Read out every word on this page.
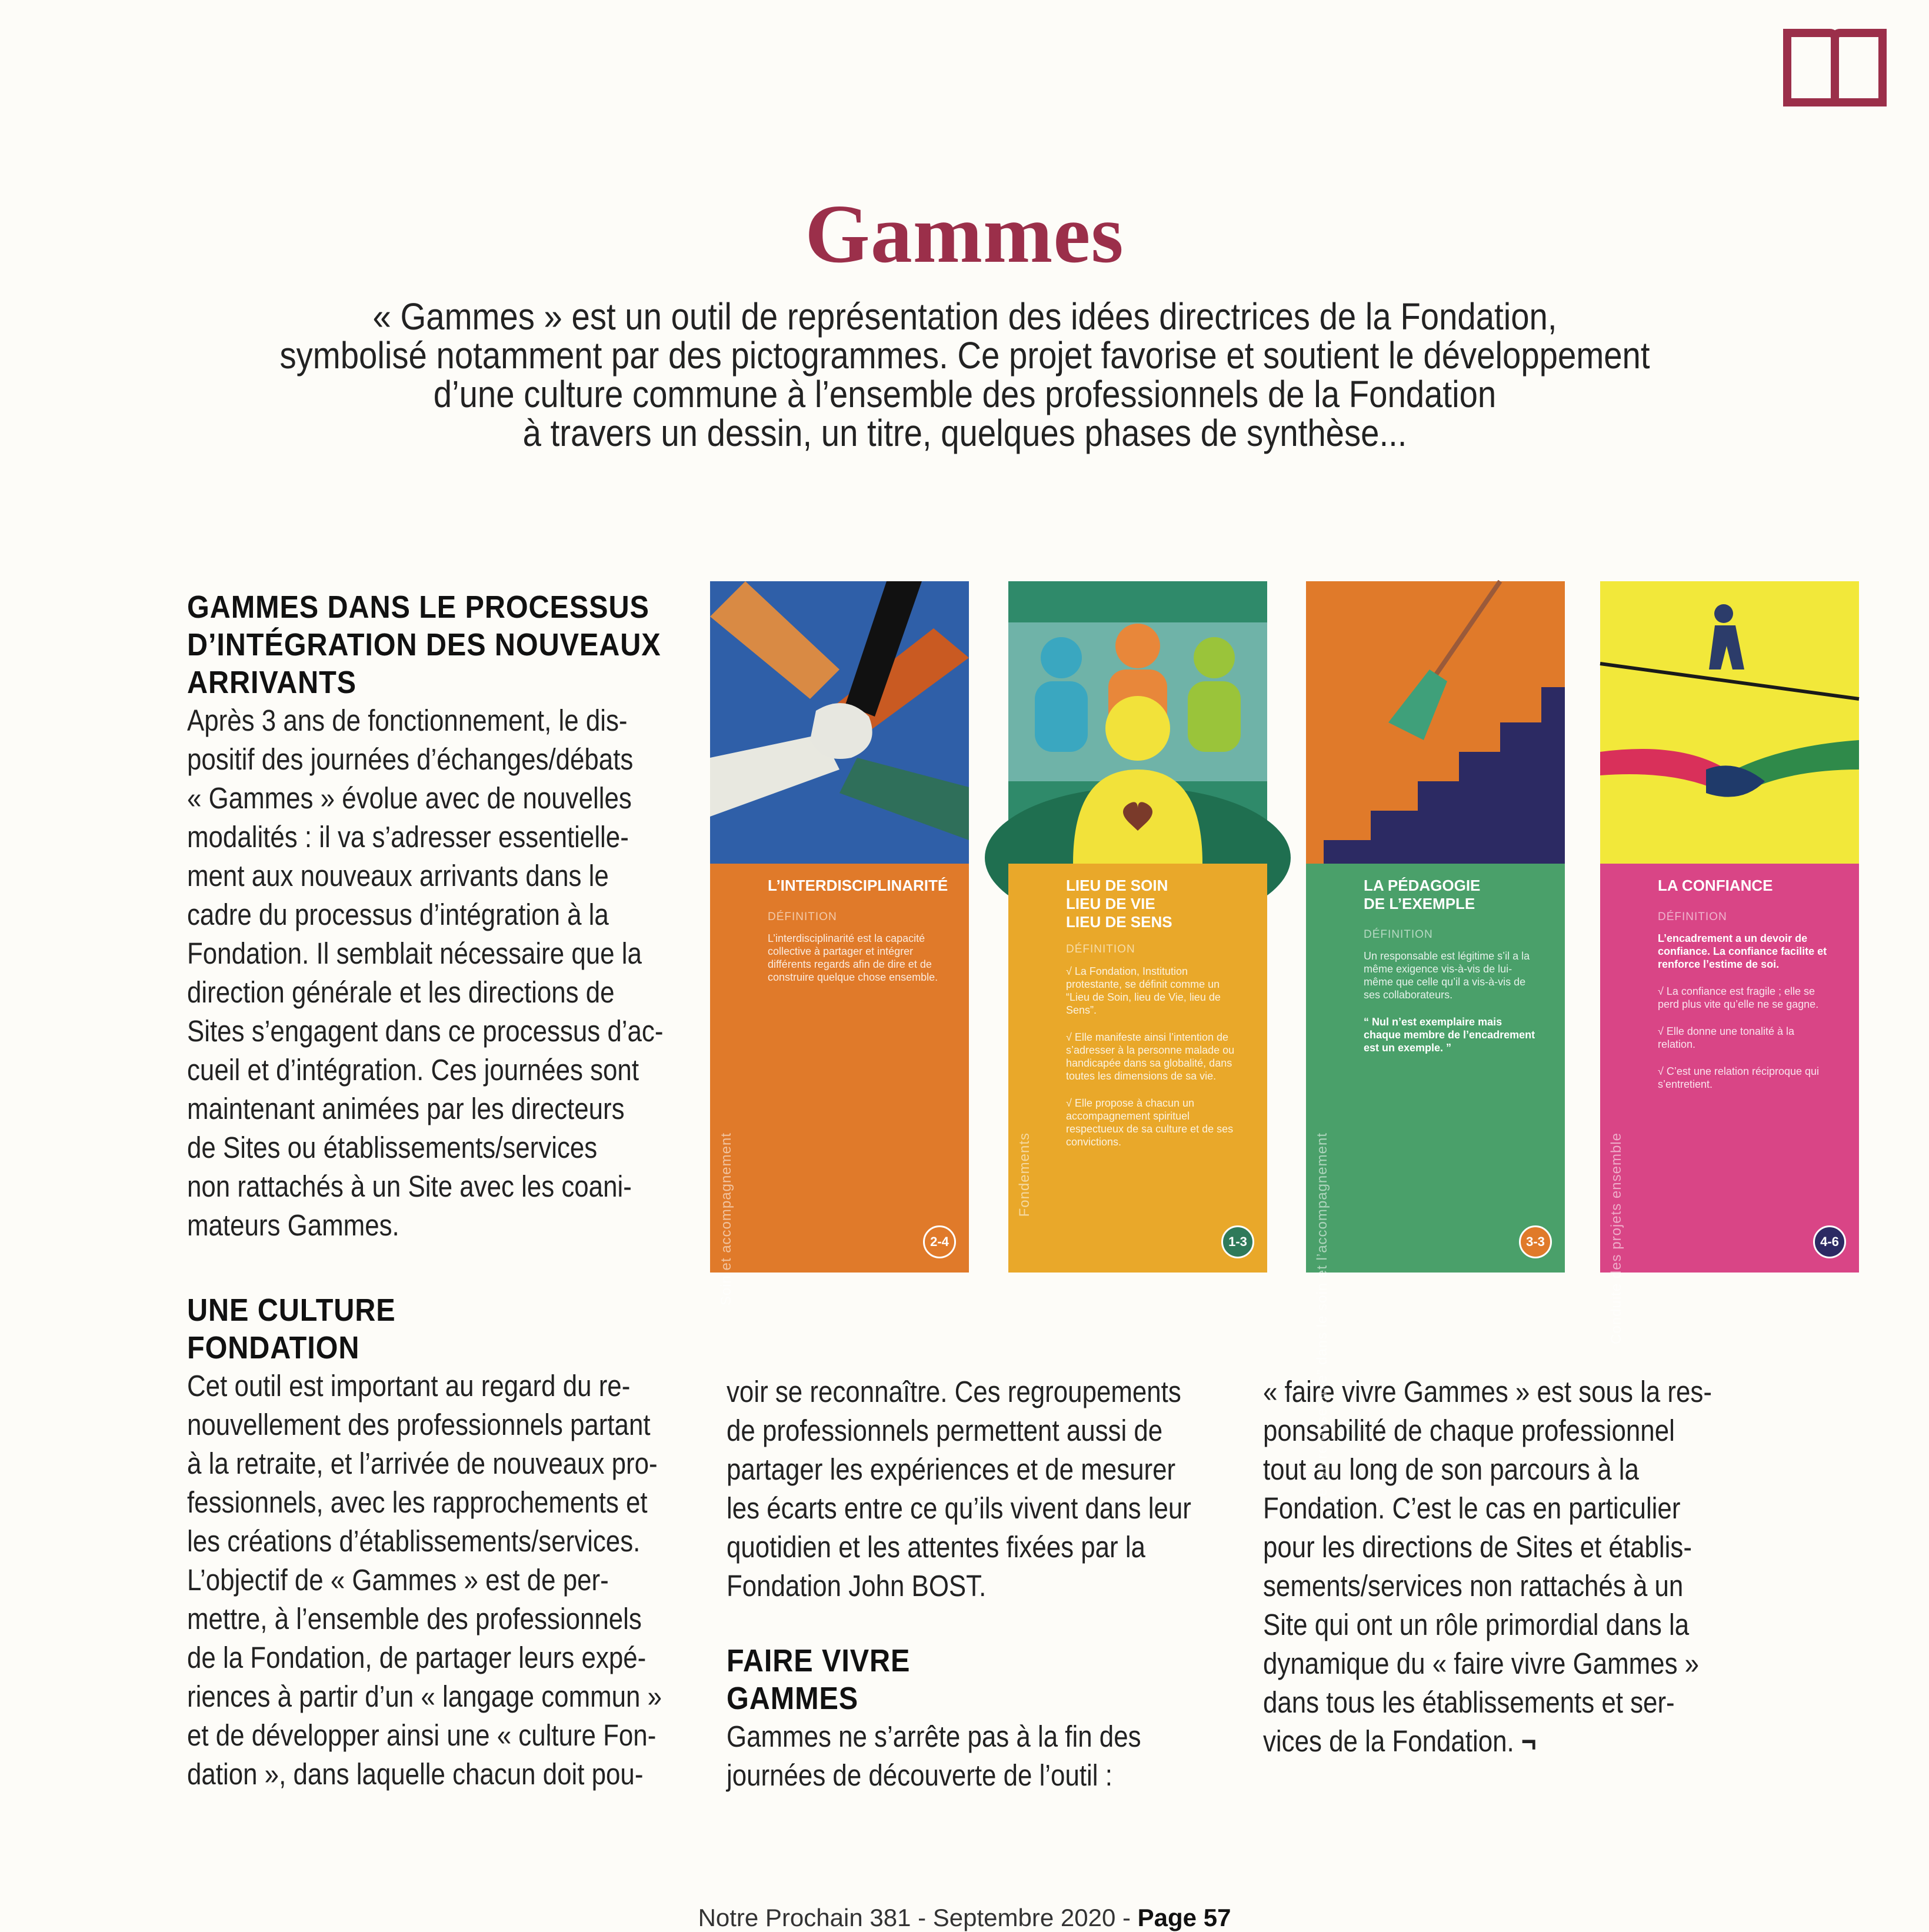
Gammes
« Gammes » est un outil de représentation des idées directrices de la Fondation,
symbolisé notamment par des pictogrammes. Ce projet favorise et soutient le développement
d’une culture commune à l’ensemble des professionnels de la Fondation
à travers un dessin, un titre, quelques phases de synthèse...
GAMMES DANS LE PROCESSUS
D’INTÉGRATION DES NOUVEAUX
ARRIVANTS
Après 3 ans de fonctionnement, le dis-
positif des journées d’échanges/débats
« Gammes » évolue avec de nouvelles
modalités : il va s’adresser essentielle-
ment aux nouveaux arrivants dans le
cadre du processus d’intégration à la
Fondation. Il semblait nécessaire que la
direction générale et les directions de
Sites s’engagent dans ce processus d’ac-
cueil et d’intégration. Ces journées sont
maintenant animées par les directeurs
de Sites ou établissements/services
non rattachés à un Site avec les coani-
mateurs Gammes.
UNE CULTURE
FONDATION
Cet outil est important au regard du re-
nouvellement des professionnels partant
à la retraite, et l’arrivée de nouveaux pro-
fessionnels, avec les rapprochements et
les créations d’établissements/services.
L’objectif de « Gammes » est de per-
mettre, à l’ensemble des professionnels
de la Fondation, de partager leurs expé-
riences à partir d’un « langage commun »
et de développer ainsi une « culture Fon-
dation », dans laquelle chacun doit pou-
voir se reconnaître. Ces regroupements
de professionnels permettent aussi de
partager les expériences et de mesurer
les écarts entre ce qu’ils vivent dans leur
quotidien et les attentes fixées par la
Fondation John BOST.
FAIRE VIVRE
GAMMES
Gammes ne s’arrête pas à la fin des
journées de découverte de l’outil :
« faire vivre Gammes » est sous la res-
ponsabilité de chaque professionnel
tout au long de son parcours à la
Fondation. C’est le cas en particulier
pour les directions de Sites et établis-
sements/services non rattachés à un
Site qui ont un rôle primordial dans la
dynamique du « faire vivre Gammes »
dans tous les établissements et ser-
vices de la Fondation. ¬
Soin et accompagnement
L’INTERDISCIPLINARITÉ
DÉFINITION

L’interdisciplinarité est la capacité collective à partager et intégrer différents regards afin de dire et de construire quelque chose ensemble.

2-4
Fondements
LIEU DE SOIN
LIEU DE VIE
LIEU DE SENS
DÉFINITION

√ La Fondation, Institution protestante, se définit comme un “Lieu de Soin, lieu de Vie, lieu de Sens”.

√ Elle manifeste ainsi l’intention de s’adresser à la personne malade ou handicapée dans sa globalité, dans toutes les dimensions de sa vie.

√ Elle propose à chacun un accompagnement spirituel respectueux de sa culture et de ses convictions.

1-3	Le “vivre ensemble” dans le soin et l’accompagnement
LA PÉDAGOGIE
DE L’EXEMPLE
DÉFINITION

Un responsable est légitime s’il a la même exigence vis-à-vis de lui-même que celle qu’il a vis-à-vis de ses collaborateurs.

“ Nul n’est exemplaire mais chaque membre de l’encadrement est un exemple. ”

3-3	Conduite des projets ensemble
LA CONFIANCE
DÉFINITION

L’encadrement a un devoir de confiance. La confiance facilite et renforce l’estime de soi.

√ La confiance est fragile ; elle se perd plus vite qu’elle ne se gagne.

√ Elle donne une tonalité à la relation.

√ C’est une relation réciproque qui s’entretient.

4-6
Notre Prochain 381 - Septembre 2020 - Page 57
